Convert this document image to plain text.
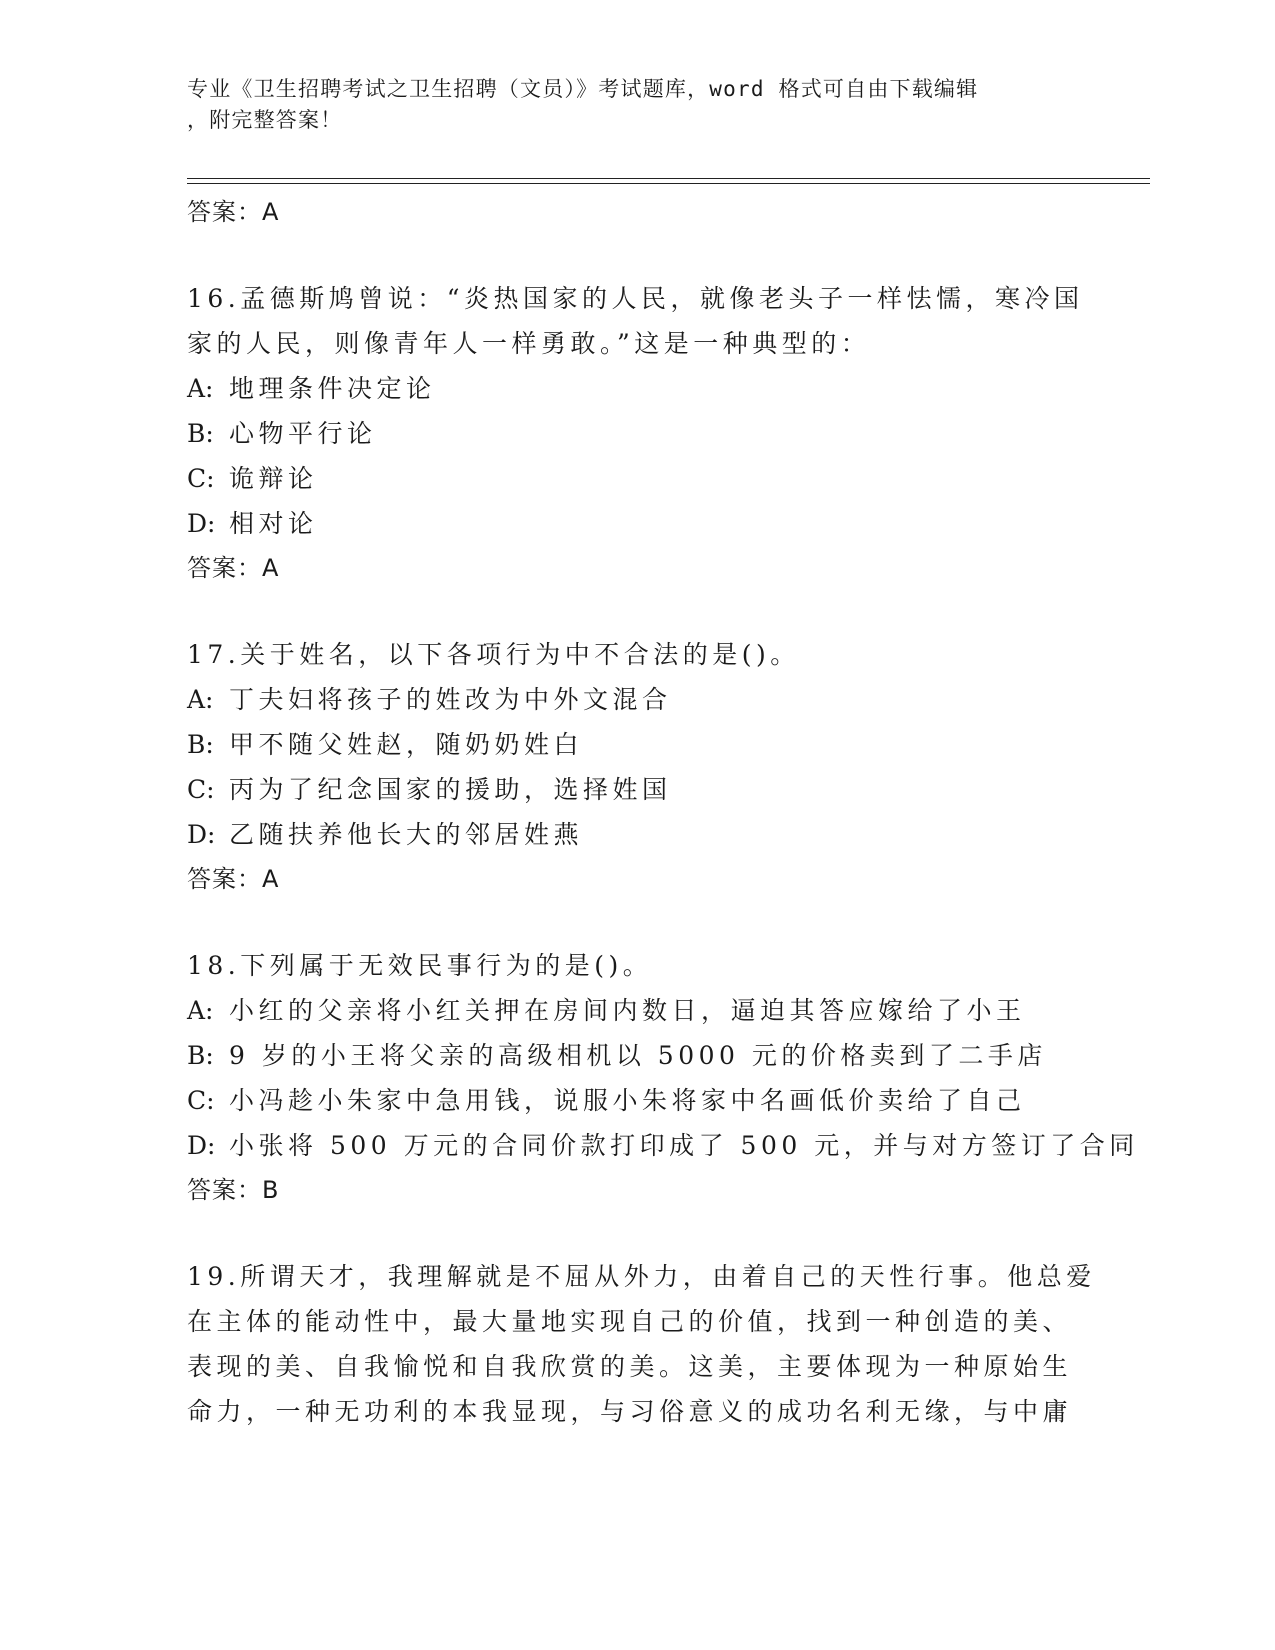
专业《卫生招聘考试之卫生招聘（文员）》考试题库，word 格式可自由下载编辑
，附完整答案！
答案：A
16.孟德斯鸠曾说：“炎热国家的人民，就像老头子一样怯懦，寒冷国
家的人民，则像青年人一样勇敢。”这是一种典型的：
A: 地理条件决定论
B: 心物平行论
C: 诡辩论
D: 相对论
答案：A
17.关于姓名，以下各项行为中不合法的是()。
A: 丁夫妇将孩子的姓改为中外文混合
B: 甲不随父姓赵，随奶奶姓白
C: 丙为了纪念国家的援助，选择姓国
D: 乙随扶养他长大的邻居姓燕
答案：A
18.下列属于无效民事行为的是()。
A: 小红的父亲将小红关押在房间内数日，逼迫其答应嫁给了小王
B: 9 岁的小王将父亲的高级相机以 5000 元的价格卖到了二手店
C: 小冯趁小朱家中急用钱，说服小朱将家中名画低价卖给了自己
D: 小张将 500 万元的合同价款打印成了 500 元，并与对方签订了合同
答案：B
19.所谓天才，我理解就是不屈从外力，由着自己的天性行事。他总爱
在主体的能动性中，最大量地实现自己的价值，找到一种创造的美、
表现的美、自我愉悦和自我欣赏的美。这美，主要体现为一种原始生
命力，一种无功利的本我显现，与习俗意义的成功名利无缘，与中庸
